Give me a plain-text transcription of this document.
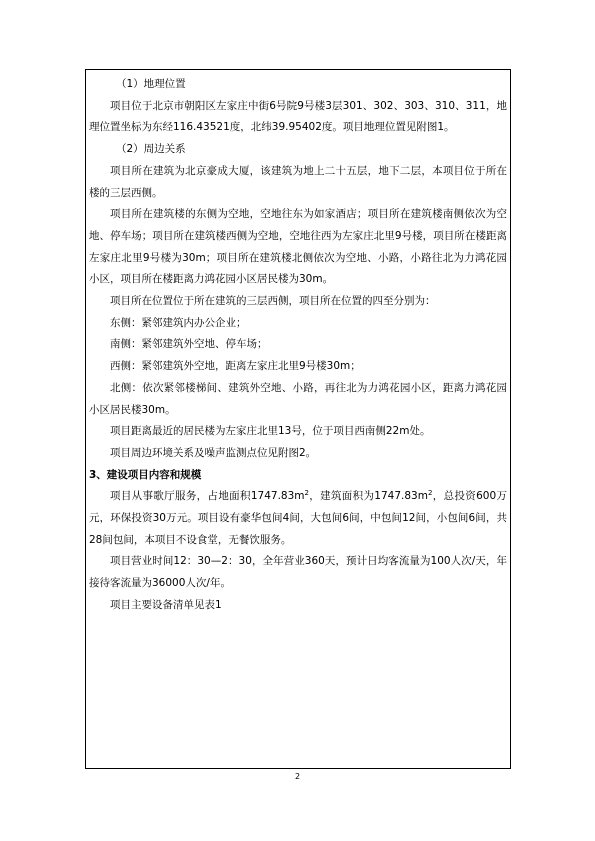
（1）地理位置

项目位于北京市朝阳区左家庄中街6号院9号楼3层301、302、303、310、311，地理位置坐标为东经116.43521度，北纬39.95402度。项目地理位置见附图1。

（2）周边关系

项目所在建筑为北京豪成大厦，该建筑为地上二十五层，地下二层，本项目位于所在楼的三层西侧。

项目所在建筑楼的东侧为空地，空地往东为如家酒店；项目所在建筑楼南侧依次为空地、停车场；项目所在建筑楼西侧为空地，空地往西为左家庄北里9号楼，项目所在楼距离左家庄北里9号楼为30m；项目所在建筑楼北侧依次为空地、小路，小路往北为力鸿花园小区，项目所在楼距离力鸿花园小区居民楼为30m。

项目所在位置位于所在建筑的三层西侧，项目所在位置的四至分别为：

东侧：紧邻建筑内办公企业；

南侧：紧邻建筑外空地、停车场；

西侧：紧邻建筑外空地，距离左家庄北里9号楼30m；

北侧：依次紧邻楼梯间、建筑外空地、小路，再往北为力鸿花园小区，距离力鸿花园小区居民楼30m。

项目距离最近的居民楼为左家庄北里13号，位于项目西南侧22m处。

项目周边环境关系及噪声监测点位见附图2。

3、建设项目内容和规模

项目从事歌厅服务，占地面积$1747.83m^2$，建筑面积为$1747.83m^2$，总投资600万元，环保投资30万元。项目设有豪华包间4间，大包间6间，中包间12间，小包间6间，共28间包间，本项目不设食堂，无餐饮服务。

项目营业时间12：30—2：30，全年营业360天，预计日均客流量为100人次/天，年接待客流量为36000人次/年。

项目主要设备清单见表1

2
